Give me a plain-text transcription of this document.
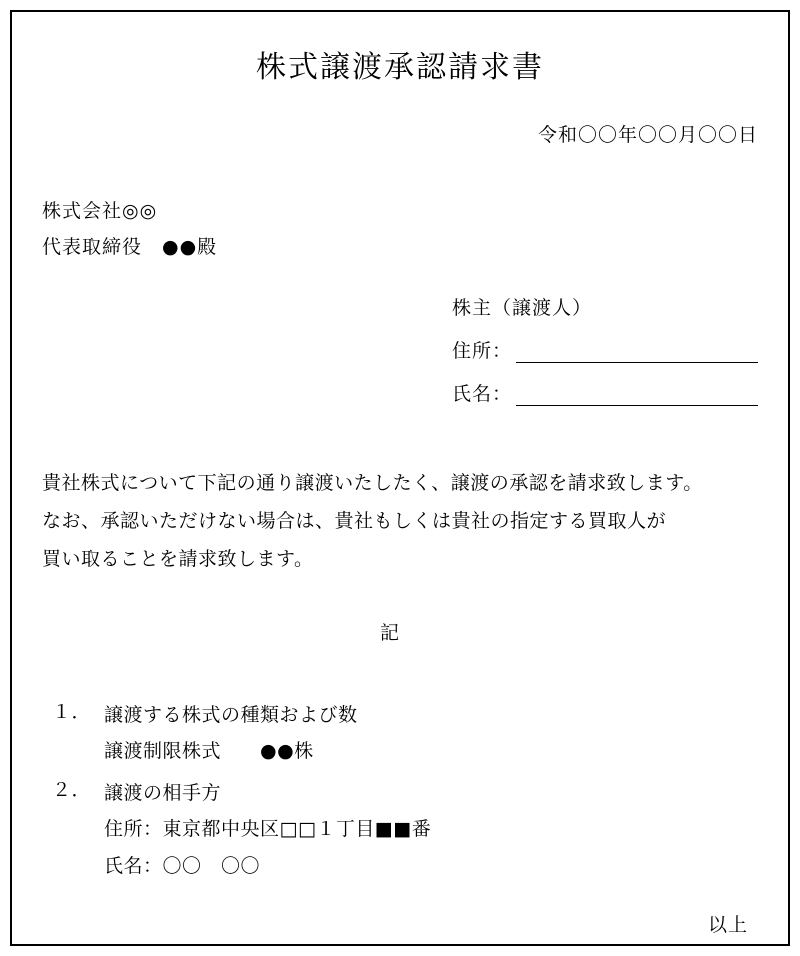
株式譲渡承認請求書
令和〇〇年〇〇月〇〇日
株式会社◎◎
代表取締役　●●殿
株主（譲渡人）
住所：
氏名：
貴社株式について下記の通り譲渡いたしたく、譲渡の承認を請求致します。
なお、承認いただけない場合は、貴社もしくは貴社の指定する買取人が
買い取ることを請求致します。
記
１． 譲渡する株式の種類および数
譲渡制限株式　　●●株
２． 譲渡の相手方
住所：東京都中央区□□１丁目■■番
氏名：〇〇　〇〇
以上
